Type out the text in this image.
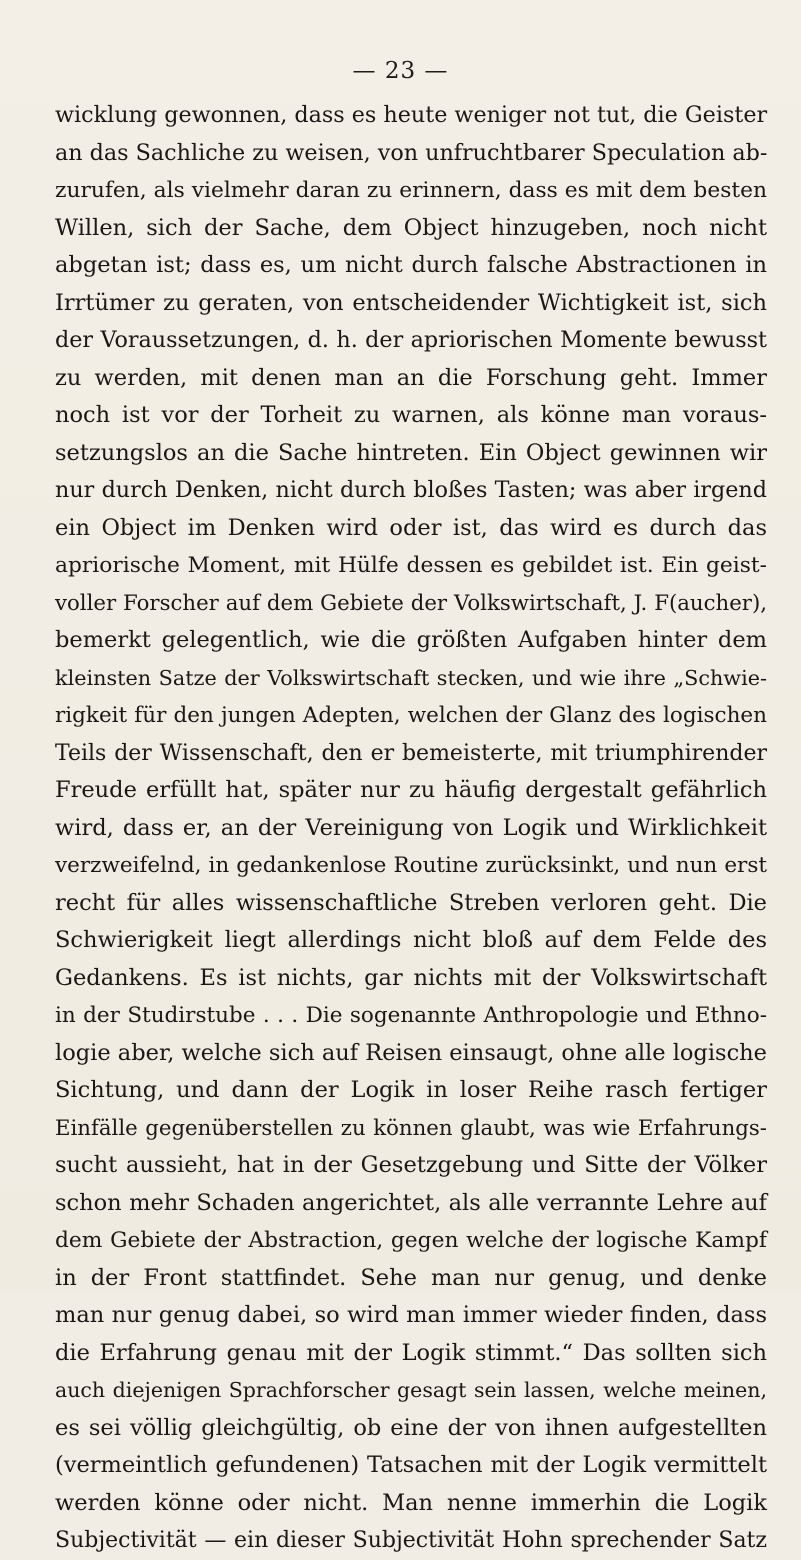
— 23 —
wicklung gewonnen, dass es heute weniger not tut, die Geister
an das Sachliche zu weisen, von unfruchtbarer Speculation ab-
zurufen, als vielmehr daran zu erinnern, dass es mit dem besten
Willen, sich der Sache, dem Object hinzugeben, noch nicht
abgetan ist; dass es, um nicht durch falsche Abstractionen in
Irrtümer zu geraten, von entscheidender Wichtigkeit ist, sich
der Voraussetzungen, d. h. der apriorischen Momente bewusst
zu werden, mit denen man an die Forschung geht. Immer
noch ist vor der Torheit zu warnen, als könne man voraus-
setzungslos an die Sache hintreten. Ein Object gewinnen wir
nur durch Denken, nicht durch bloßes Tasten; was aber irgend
ein Object im Denken wird oder ist, das wird es durch das
apriorische Moment, mit Hülfe dessen es gebildet ist. Ein geist-
voller Forscher auf dem Gebiete der Volkswirtschaft, J. F(aucher),
bemerkt gelegentlich, wie die größten Aufgaben hinter dem
kleinsten Satze der Volkswirtschaft stecken, und wie ihre „Schwie-
rigkeit für den jungen Adepten, welchen der Glanz des logischen
Teils der Wissenschaft, den er bemeisterte, mit triumphirender
Freude erfüllt hat, später nur zu häufig dergestalt gefährlich
wird, dass er, an der Vereinigung von Logik und Wirklichkeit
verzweifelnd, in gedankenlose Routine zurücksinkt, und nun erst
recht für alles wissenschaftliche Streben verloren geht. Die
Schwierigkeit liegt allerdings nicht bloß auf dem Felde des
Gedankens. Es ist nichts, gar nichts mit der Volkswirtschaft
in der Studirstube . . . Die sogenannte Anthropologie und Ethno-
logie aber, welche sich auf Reisen einsaugt, ohne alle logische
Sichtung, und dann der Logik in loser Reihe rasch fertiger
Einfälle gegenüberstellen zu können glaubt, was wie Erfahrungs-
sucht aussieht, hat in der Gesetzgebung und Sitte der Völker
schon mehr Schaden angerichtet, als alle verrannte Lehre auf
dem Gebiete der Abstraction, gegen welche der logische Kampf
in der Front stattfindet. Sehe man nur genug, und denke
man nur genug dabei, so wird man immer wieder finden, dass
die Erfahrung genau mit der Logik stimmt.“ Das sollten sich
auch diejenigen Sprachforscher gesagt sein lassen, welche meinen,
es sei völlig gleichgültig, ob eine der von ihnen aufgestellten
(vermeintlich gefundenen) Tatsachen mit der Logik vermittelt
werden könne oder nicht. Man nenne immerhin die Logik
Subjectivität — ein dieser Subjectivität Hohn sprechender Satz
